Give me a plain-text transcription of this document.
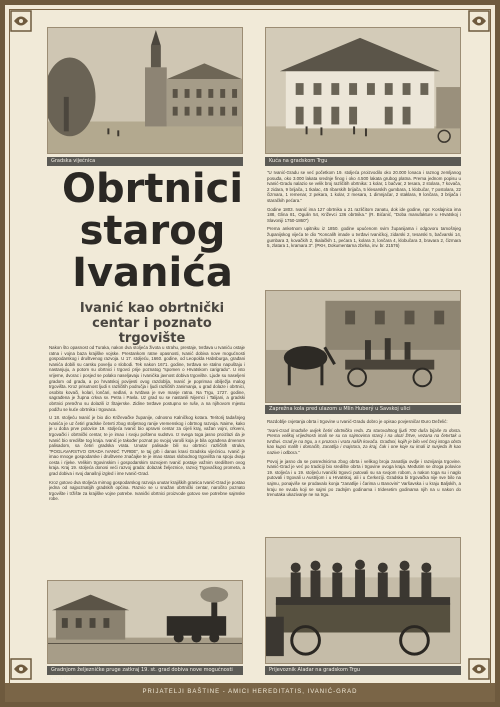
Gradska vijećnica	Kuća na gradskom Trgu
Obrtnici
starog
Ivanića
Ivanić kao obrtnički
centar i poznato
trgovište

Nakon što opasnost od Turaka, nakon dva stoljeća života u strahu, prestaje, tvrđava u Ivaniću ostaje ratna i vojna baza krajiške vojske. Prestankom ratne opasnosti, Ivanić dobiva nove mogućnosti gospodarskog i društvenog razvoja. U 17. stoljeću, 1660. godine, od Leopolda Habsburga, građani Ivanića dobili su carsku povelju o slobodi. Tek nakon 1671. godine, tvrđava se stalno napuštaju i nastanjuju, a potom su obrtnici i trgovci prije poznatog "spomen o Hrvatskom carigradu". U isto vrijeme, dvorac i posjed se polako naseljavaju i Ivanićka javnost dobiva trgovište. Ljude su naseljeni gradom od grada, a po hrvatskoj povijesti ovog razdoblja, Ivanić je poprimao obilježja malog trgovišta. Kroz prisutnost ljudi s različitih područja i ljudi različitih zanimanja, u grad dolaze i obrtnici, osobito kovači, kolari, lončari, sedlari, a tvrđava je sve manje ratna. Na Trgu, 1727. godine, sagrađena je župna crkva sv. Petra i Pavla. Uz grad su se nastanili Nijemci i Talijani, a gradski obrtnici pretežno su dolazili iz Štajerske. Zidine tvrđave postupno se ruše, a na njihovom mjestu podižu se kuće obrtnika i trgovaca.

U 18. stoljeću Ivanić je bio dio Križevačke županije, odnosno Kalničkog kotara. Teritorij tadašnjeg Ivanića je uz četiri gradske četvrti zbog stoljetnog ranije vremenskog i obrtnog razvoja. Naime, kako je u doba prve polovice 19. stoljeća Ivanić bio upravni centar za cijeli kraj, važan vojni, crkveni, trgovački i obrtnički centar, te je imao i svoju pošteno sudstvo. Iz svega toga jasno proizlazi da je Ivanić bio središte tog kraja. Ivanić je također poznat po svojoj varoši koja je bila ograđena drvenom palisadom, sa četiri gradska vrata. Unutar palisade bili su obrtnici različitih struka, "POGLAVARSTVO GRADA IVANIĆ TVRĐE", te taj grb i danas krasi Gradsku vijećnicu. Ivanić je imao mnoge gospodarske i društvene značajke te je imao status slobodnog trgovišta na spoju dvaju cesta i rijeke. Velikim trgovinskim i gospodarskim razvojem Ivanić postaje važnim središtem ovog kraja. Kraj 19. stoljeća donosi veći razvoj grada: dolazak željeznice, razvoj Trgovačkog prometa, a grad dobiva i svoj današnji izgled i ime Ivanić-Grad.

Kroz gotovo dva stoljeća mirnog gospodarskog razvoja unutar krajiških granica Ivanić-Grad je postao jedna od najpoznatijih gradskih općina. Razvio se u snažan obrtnički centar, naročito poznato trgovište i tržište za krajiške vojne potrebe. Ivanićki obrtnici proizvode gotovo sve potrebne sajmske robe.

"U Ivanić-Gradu se već početkom 19. stoljeća proizvodilo oko 20.000 lonaca i raznog zemljanog posuđa, oko 3.000 lakata srednje finog i oko 4.500 lakata grubog platna. Prema jednom popisu u Ivanić-Gradu nalazio se velik broj različitih obrtnika: 1 kolar, 1 bačvar, 2 tesara, 2 stolara, 7 kovača, 2 zidara, 9 brijača, 1 tkalac, 45 ribarskih brijača, 5 klesarskih gumbara, 1 klobučar, 7 postolara, 22 čizmara, 1 remenar, 2 pekara, 1 kolar, 2 mesara, 1 dimnjačar, 2 staklara, 9 lončara, 3 brijača i staračkih pećara."

Godine 1803. Ivanić ima 127 obrtnika u 21 različitom zanatu, dok ide godine, npr. Koslajnica ima 188, Glina 81, Ogulin 54, Križevci 136 obrtnika." (R. Bićanić, "Doba manufakture u Hrvatskoj i Slavoniji 1750-1860")

Prema anketnom upitniku iz 1850. godine upućenom svim županijama i odgovoru tamošnjeg županijskog vijeća te dio "Koncalih imade u tvrđavi Ivanićkoj, zidarski 2, tesarski 5, bačvarski 14, gumbara 3, kovačkih 2, tkalačkih 1, pećara 1, kolara 3, lončara 4, klobučara 3, bravara 2, čizmara 5, zlatara 1, kramara 3". (PKH, Dokumentarna zbirka, inv. br. 21576)

Zaprežna kola pred ulazom u Mlin Huberý u Savskoj ulici

Razdoblje cvjetanja obrta i trgovine u Ivanić-Gradu dobro je opisao povjesničar Đuro Deželić:

"Ivani-Grad imađaše uvijek četiri obrtnička reda. Za starovaltnog ljudi 700 duša bijaše to dosta. Prema velikoj vrijednosti imali se su na sajmovima staroj i na ulozi žrtve, vezana na četvrtak u tvrđavi. Grad je na trgu, a s prozora i vrata naših kovača. Građani, kojih je bilo već broj istoga obrta kao kupci malih i domaćih, zanatlija i majstora, za kraj, čak i one koje su imali iz susjeda ih kao nazive i odbora."

Povoj je jasno da se posrednicima zbog obrta i velikog broja zanatlija ovdje i razvijanja trgovine. Ivanić-Grad je već po tradiciji bio središte obrta i trgovine ovoga kraja. Međutim se droga polovice 19. stoljeća i u 19. stoljeću Ivanićki trgovci putovali su sa svojom robom, a nakon toga su i naglo putovali i trgovali u Austrijom i u Hrvatskoj, ali i u Čerkeziji. Gradska bi trgovačka nije sve bilo na sajmu, ponajviše se prodavalo konja "zanatlije i čarima u Banovini" Varšavska i u kraju Baljskih, a kraju ne svuda koji se sajmi po zadnjim godinama i tridesetim godinama njih na u nakon do trenutaka ukazivanje ne na trgu.

Gradnjom željezničke pruge zatkraj 19. st. grad dobiva nove mogućnosti razvitka
Prijevoznik Aladar na gradskom Trgu
PRIJATELJI BAŠTINE - AMICI HEREDITATIS, IVANIĆ-GRAD
